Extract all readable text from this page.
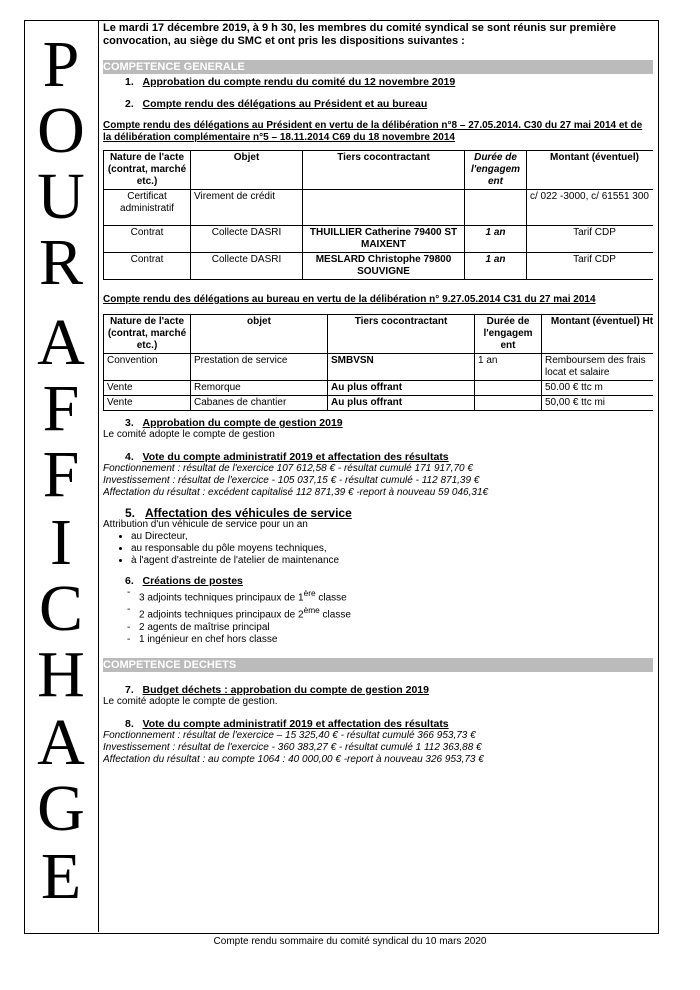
P
O
U
R
A
F
F
I
C
H
A
G
E
Le mardi 17 décembre 2019, à 9 h 30, les membres du comité syndical se sont réunis sur première convocation, au siège du SMC et ont pris les dispositions suivantes :
COMPETENCE GENERALE
1.   Approbation du compte rendu du comité du 12 novembre 2019
2.   Compte rendu des délégations au Président et au bureau
Compte rendu des délégations au Président en vertu de la délibération n°8 – 27.05.2014. C30 du 27 mai 2014 et de la délibération complémentaire n°5 – 18.11.2014 C69 du 18 novembre 2014
Nature de l'acte (contrat, marché etc.)	Objet	Tiers cocontractant	Durée de l'engagem ent	Montant (éventuel)
Certificat administratif	Virement de crédit			c/ 022 -3000, c/ 61551 300
Contrat	Collecte DASRI	THUILLIER Catherine 79400 ST MAIXENT	1 an	Tarif CDP
Contrat	Collecte DASRI	MESLARD Christophe 79800 SOUVIGNE	1 an	Tarif CDP
Compte rendu des délégations au bureau en vertu de la délibération n° 9.27.05.2014 C31 du 27 mai 2014
Nature de l'acte (contrat, marché etc.)	objet	Tiers cocontractant	Durée de l'engagem ent	Montant (éventuel) Ht
Convention	Prestation de service	SMBVSN	1 an	Remboursem des frais locat et salaire
Vente	Remorque	Au plus offrant		50.00 € ttc m
Vente	Cabanes de chantier	Au plus offrant		50,00 € ttc mi
3.   Approbation du compte de gestion 2019
Le comité adopte le compte de gestion
4.   Vote du compte administratif 2019 et affectation des résultats
Fonctionnement : résultat de l'exercice 107 612,58 € - résultat cumulé 171 917,70 €
Investissement : résultat de l'exercice - 105 037,15 € - résultat cumulé - 112 871,39 €
Affectation du résultat : excédent capitalisé 112 871,39 € -report à nouveau 59 046,31€
5.   Affectation des véhicules de service
Attribution d'un véhicule de service pour un an
• au Directeur,
• au responsable du pôle moyens techniques,
• à l'agent d'astreinte de l'atelier de maintenance
6.   Créations de postes
- 3 adjoints techniques principaux de 1ère classe
- 2 adjoints techniques principaux de 2ème classe
- 2 agents de maîtrise principal
- 1 ingénieur en chef hors classe
COMPETENCE DECHETS
7.   Budget déchets : approbation du compte de gestion 2019
Le comité adopte le compte de gestion.
8.   Vote du compte administratif 2019 et affectation des résultats
Fonctionnement : résultat de l'exercice – 15 325,40 € - résultat cumulé 366 953,73 €
Investissement : résultat de l'exercice - 360 383,27 € - résultat cumulé 1 112 363,88 €
Affectation du résultat : au compte 1064 : 40 000,00 € -report à nouveau 326 953,73 €
Compte rendu sommaire du comité syndical du 10 mars 2020
